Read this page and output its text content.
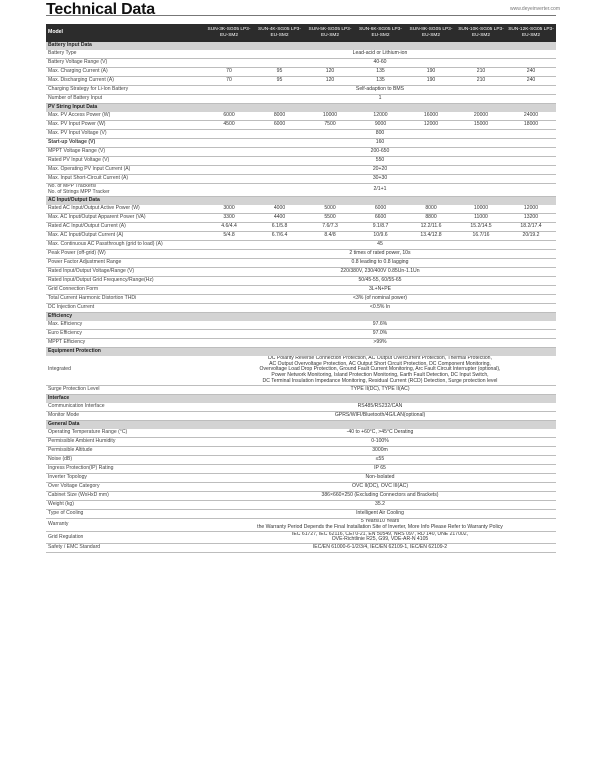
Technical Data	www.deyeinverter.com
Model	SUN-3K-SG05 LP3-EU-SM2	SUN-4K-SG05 LP3-EU-SM2	SUN-5K-SG05 LP3-EU-SM2	SUN-6K-SG05 LP3-EU-SM2	SUN-8K-SG05 LP3-EU-SM2	SUN-10K-SG05 LP3-EU-SM2	SUN-12K-SG05 LP3-EU-SM2
Battery Input Data							
Battery Type	Lead-acid or Lithium-ion						
Battery Voltage Range (V)	40-60						
Max. Charging Current (A)	70	95	120	135	190	210	240
Max. Discharging Current (A)	70	95	120	135	190	210	240
Charging Strategy for Li-Ion Battery	Self-adaption to BMS						
Number of Battery Input	1						
PV String Input Data							
Max. PV Access Power (W)	6000	8000	10000	12000	16000	20000	24000
Max. PV Input Power (W)	4500	6000	7500	9000	12000	15000	18000
Max. PV Input Voltage (V)	800						
Start-up Voltage (V)	160						
MPPT Voltage Range (V)	200-650						
Rated PV Input Voltage (V)	550						
Max. Operating PV Input Current (A)	20+20						
Max. Input Short-Circuit Current (A)	30+30						
No. of MPP Trackers/
No. of Strings MPP Tracker	2/1+1						
AC Input/Output Data							
Rated AC Input/Output Active Power (W)	3000	4000	5000	6000	8000	10000	12000
Max. AC Input/Output Apparent Power (VA)	3300	4400	5500	6600	8800	11000	13200
Rated AC Input/Output Current (A)	4.6/4.4	6.1/5.8	7.6/7.3	9.1/8.7	12.2/11.6	15.2/14.5	18.2/17.4
Max. AC Input/Output Current (A)	5/4.8	6.7/6.4	8.4/8	10/9.6	13.4/12.8	16.7/16	20/19.2
Max. Continuous AC Passthrough (grid to load) (A)	45						
Peak Power (off-grid) (W)	2 times of rated power, 10s						
Power Factor Adjustment Range	0.8 leading to 0.8 lagging						
Rated Input/Output Voltage/Range (V)	220/380V, 230/400V 0.85Un-1.1Un						
Rated Input/Output Grid Frequency/Range(Hz)	50/45-55, 60/55-65						
Grid Connection Form	3L+N+PE						
Total Current Harmonic Distortion THDi	<3% (of nominal power)						
DC Injection Current	<0.5% In						
Efficiency							
Max. Efficiency	97.6%						
Euro Efficiency	97.0%						
MPPT Efficiency	>99%						
Equipment Protection							
Integrated	DC Polarity Reverse Connection Protection, AC Output Overcurrent Protection, Thermal Protection,
AC Output Overvoltage Protection, AC Output Short Circuit Protection, DC Component Monitoring,
Overvoltage Load Drop Protection, Ground Fault Current Monitoring, Arc Fault Circuit Interrupter (optional),
Power Network Monitoring, Island Protection Monitoring, Earth Fault Detection, DC Input Switch,
DC Terminal Insulation Impedance Monitoring, Residual Current (RCD) Detection, Surge protection level						
Surge Protection Level	TYPE II(DC), TYPE II(AC)						
Interface							
Communication Interface	RS485/RS232/CAN						
Monitor Mode	GPRS/WIFI/Bluetooth/4G/LAN(optional)						
General Data							
Operating Temperature Range (°C)	-40 to +60°C, >45°C Derating						
Permissible Ambient Humidity	0-100%						
Permissible Altitude	3000m						
Noise (dB)	≤55						
Ingress Protection(IP) Rating	IP 65						
Inverter Topology	Non-Isolated						
Over Voltage Category	OVC II(DC), OVC III(AC)						
Cabinet Size (WxHxD mm)	386×660×250 (Excluding Connectors and Brackets)						
Weight (kg)	35.2						
Type of Cooling	Intelligent Air Cooling						
Warranty	5 Years/10 Years
the Warranty Period Depends the Final Installation Site of Inverter, More Info Please Refer to Warranty Policy						
Grid Regulation	IEC 61727, IEC 62116, CEI 0-21, EN 50549, NRS 097, RD 140, UNE 217002,
OVE-Richtlinie R25, G99, VDE-AR-N 4105						
Safety / EMC Standard	IEC/EN 61000-6-1/2/3/4, IEC/EN 62109-1, IEC/EN 62109-2						
